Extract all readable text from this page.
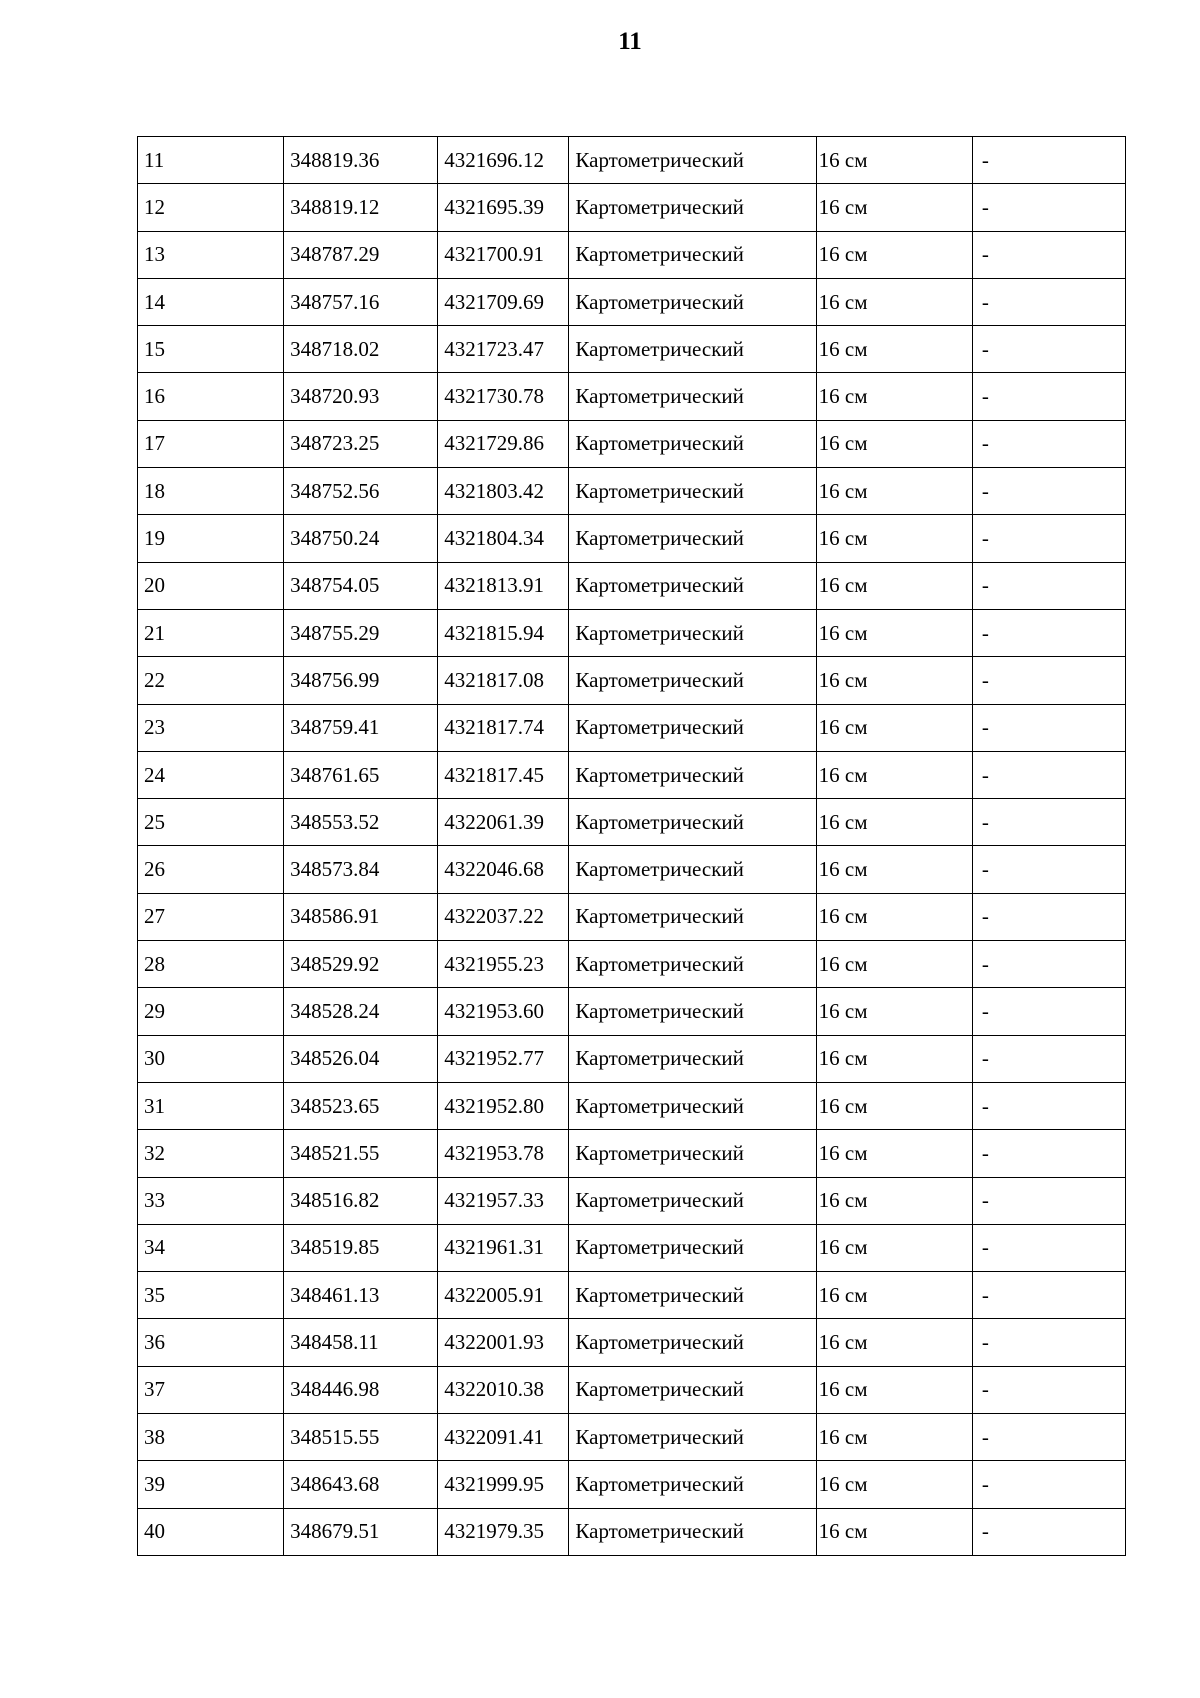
11
11	348819.36	4321696.12	Картометрический	16 см	-
12	348819.12	4321695.39	Картометрический	16 см	-
13	348787.29	4321700.91	Картометрический	16 см	-
14	348757.16	4321709.69	Картометрический	16 см	-
15	348718.02	4321723.47	Картометрический	16 см	-
16	348720.93	4321730.78	Картометрический	16 см	-
17	348723.25	4321729.86	Картометрический	16 см	-
18	348752.56	4321803.42	Картометрический	16 см	-
19	348750.24	4321804.34	Картометрический	16 см	-
20	348754.05	4321813.91	Картометрический	16 см	-
21	348755.29	4321815.94	Картометрический	16 см	-
22	348756.99	4321817.08	Картометрический	16 см	-
23	348759.41	4321817.74	Картометрический	16 см	-
24	348761.65	4321817.45	Картометрический	16 см	-
25	348553.52	4322061.39	Картометрический	16 см	-
26	348573.84	4322046.68	Картометрический	16 см	-
27	348586.91	4322037.22	Картометрический	16 см	-
28	348529.92	4321955.23	Картометрический	16 см	-
29	348528.24	4321953.60	Картометрический	16 см	-
30	348526.04	4321952.77	Картометрический	16 см	-
31	348523.65	4321952.80	Картометрический	16 см	-
32	348521.55	4321953.78	Картометрический	16 см	-
33	348516.82	4321957.33	Картометрический	16 см	-
34	348519.85	4321961.31	Картометрический	16 см	-
35	348461.13	4322005.91	Картометрический	16 см	-
36	348458.11	4322001.93	Картометрический	16 см	-
37	348446.98	4322010.38	Картометрический	16 см	-
38	348515.55	4322091.41	Картометрический	16 см	-
39	348643.68	4321999.95	Картометрический	16 см	-
40	348679.51	4321979.35	Картометрический	16 см	-
